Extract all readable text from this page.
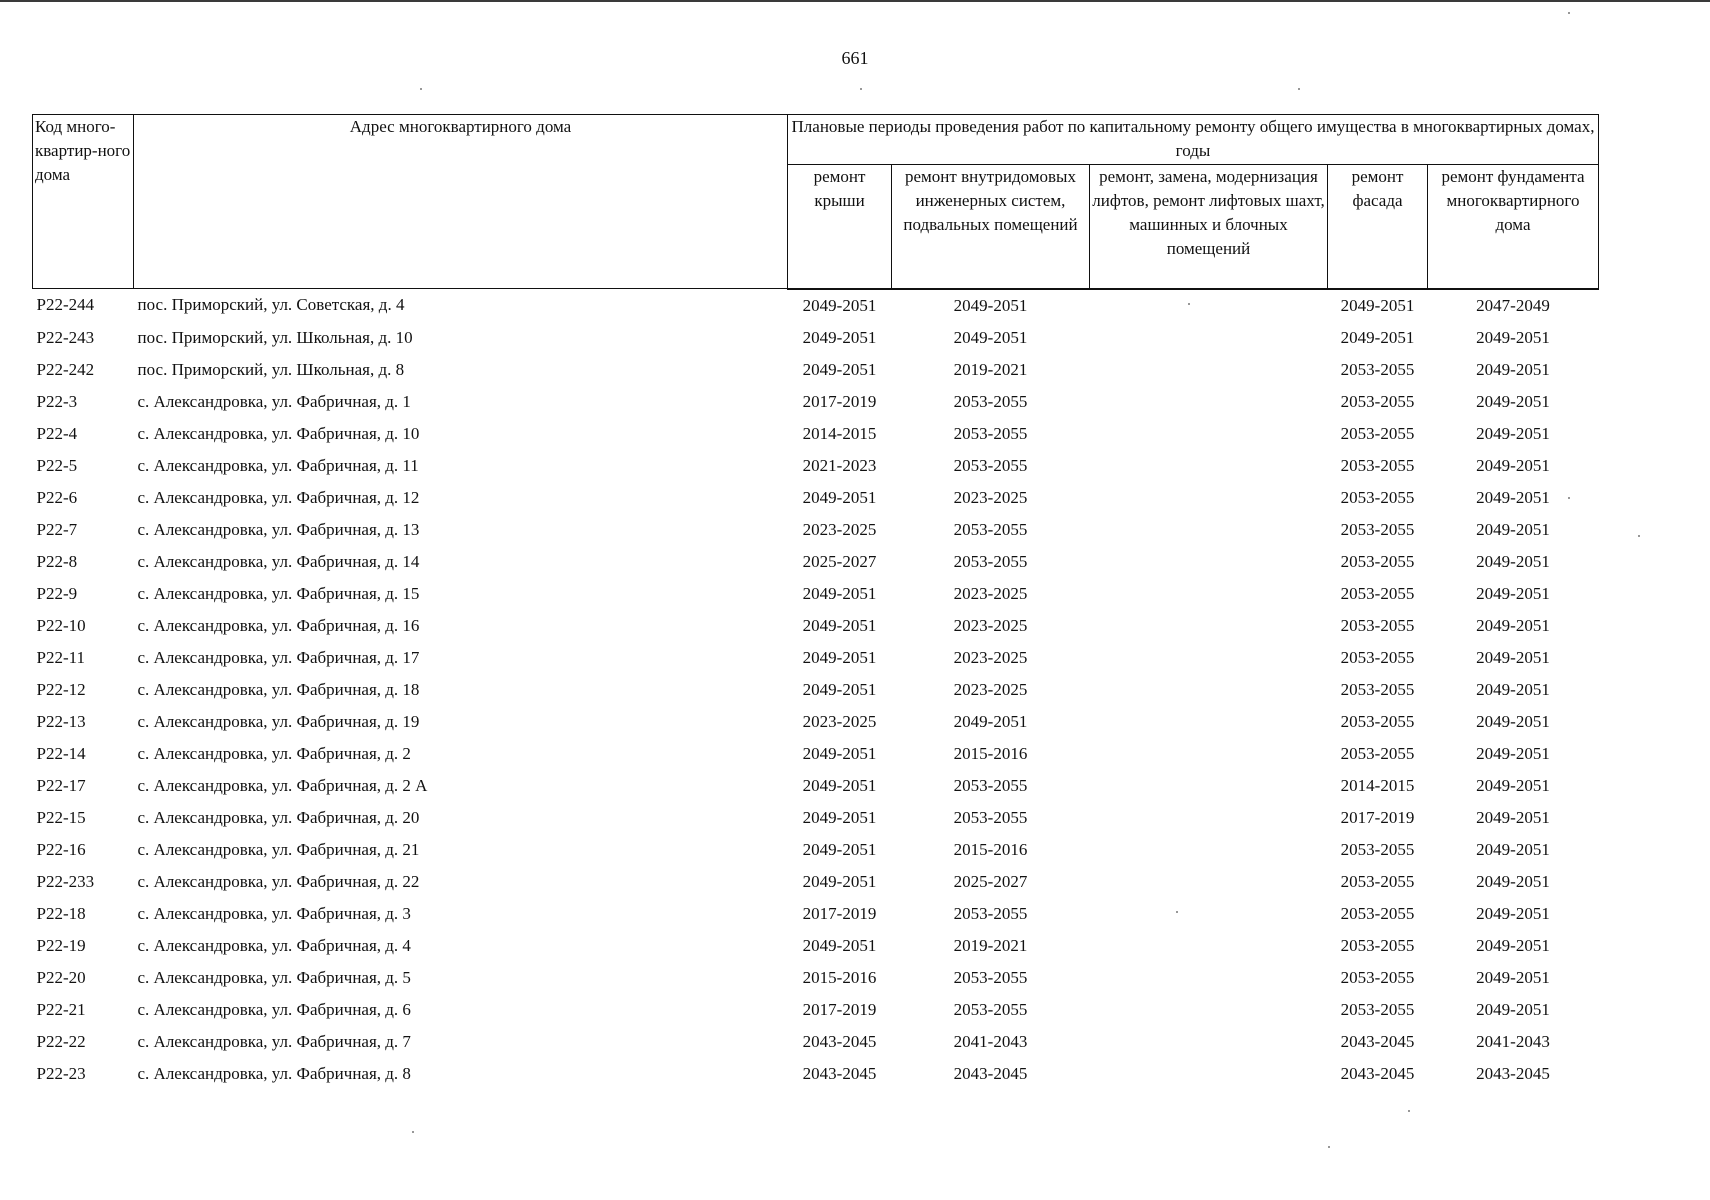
661
Код много-квартир-ного дома	Адрес многоквартирного дома	Плановые периоды проведения работ по капитальному ремонту общего имущества в многоквартирных домах, годы				
		ремонт крыши	ремонт внутридомовых инженерных систем, подвальных помещений	ремонт, замена, модернизация лифтов, ремонт лифтовых шахт, машинных и блочных помещений	ремонт фасада	ремонт фундамента многоквартирного дома
Р22-244	пос. Приморский, ул. Советская, д. 4	2049-2051	2049-2051		2049-2051	2047-2049
Р22-243	пос. Приморский, ул. Школьная, д. 10	2049-2051	2049-2051		2049-2051	2049-2051
Р22-242	пос. Приморский, ул. Школьная, д. 8	2049-2051	2019-2021		2053-2055	2049-2051
Р22-3	с. Александровка, ул. Фабричная, д. 1	2017-2019	2053-2055		2053-2055	2049-2051
Р22-4	с. Александровка, ул. Фабричная, д. 10	2014-2015	2053-2055		2053-2055	2049-2051
Р22-5	с. Александровка, ул. Фабричная, д. 11	2021-2023	2053-2055		2053-2055	2049-2051
Р22-6	с. Александровка, ул. Фабричная, д. 12	2049-2051	2023-2025		2053-2055	2049-2051
Р22-7	с. Александровка, ул. Фабричная, д. 13	2023-2025	2053-2055		2053-2055	2049-2051
Р22-8	с. Александровка, ул. Фабричная, д. 14	2025-2027	2053-2055		2053-2055	2049-2051
Р22-9	с. Александровка, ул. Фабричная, д. 15	2049-2051	2023-2025		2053-2055	2049-2051
Р22-10	с. Александровка, ул. Фабричная, д. 16	2049-2051	2023-2025		2053-2055	2049-2051
Р22-11	с. Александровка, ул. Фабричная, д. 17	2049-2051	2023-2025		2053-2055	2049-2051
Р22-12	с. Александровка, ул. Фабричная, д. 18	2049-2051	2023-2025		2053-2055	2049-2051
Р22-13	с. Александровка, ул. Фабричная, д. 19	2023-2025	2049-2051		2053-2055	2049-2051
Р22-14	с. Александровка, ул. Фабричная, д. 2	2049-2051	2015-2016		2053-2055	2049-2051
Р22-17	с. Александровка, ул. Фабричная, д. 2 А	2049-2051	2053-2055		2014-2015	2049-2051
Р22-15	с. Александровка, ул. Фабричная, д. 20	2049-2051	2053-2055		2017-2019	2049-2051
Р22-16	с. Александровка, ул. Фабричная, д. 21	2049-2051	2015-2016		2053-2055	2049-2051
Р22-233	с. Александровка, ул. Фабричная, д. 22	2049-2051	2025-2027		2053-2055	2049-2051
Р22-18	с. Александровка, ул. Фабричная, д. 3	2017-2019	2053-2055		2053-2055	2049-2051
Р22-19	с. Александровка, ул. Фабричная, д. 4	2049-2051	2019-2021		2053-2055	2049-2051
Р22-20	с. Александровка, ул. Фабричная, д. 5	2015-2016	2053-2055		2053-2055	2049-2051
Р22-21	с. Александровка, ул. Фабричная, д. 6	2017-2019	2053-2055		2053-2055	2049-2051
Р22-22	с. Александровка, ул. Фабричная, д. 7	2043-2045	2041-2043		2043-2045	2041-2043
Р22-23	с. Александровка, ул. Фабричная, д. 8	2043-2045	2043-2045		2043-2045	2043-2045
